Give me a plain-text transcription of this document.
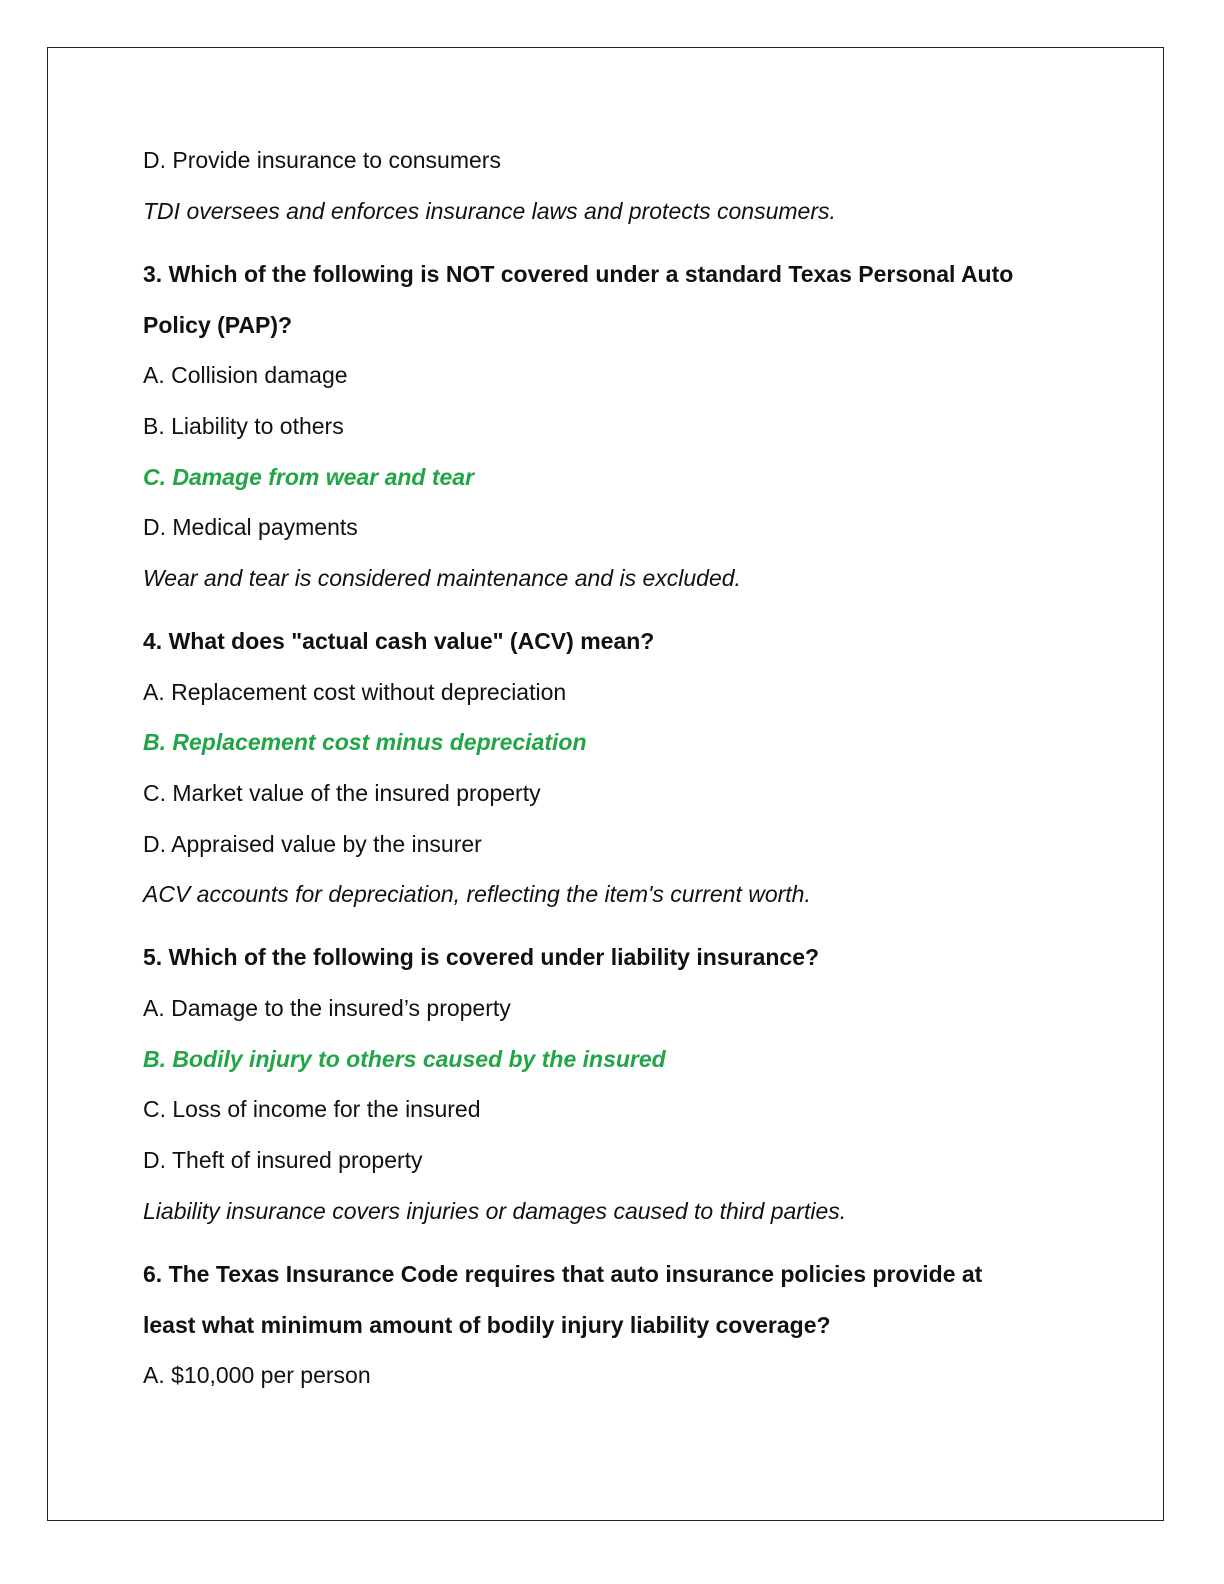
D. Provide insurance to consumers
TDI oversees and enforces insurance laws and protects consumers.
3. Which of the following is NOT covered under a standard Texas Personal Auto
Policy (PAP)?
A. Collision damage
B. Liability to others
C. Damage from wear and tear
D. Medical payments
Wear and tear is considered maintenance and is excluded.
4. What does "actual cash value" (ACV) mean?
A. Replacement cost without depreciation
B. Replacement cost minus depreciation
C. Market value of the insured property
D. Appraised value by the insurer
ACV accounts for depreciation, reflecting the item's current worth.
5. Which of the following is covered under liability insurance?
A. Damage to the insured’s property
B. Bodily injury to others caused by the insured
C. Loss of income for the insured
D. Theft of insured property
Liability insurance covers injuries or damages caused to third parties.
6. The Texas Insurance Code requires that auto insurance policies provide at
least what minimum amount of bodily injury liability coverage?
A. $10,000 per person
